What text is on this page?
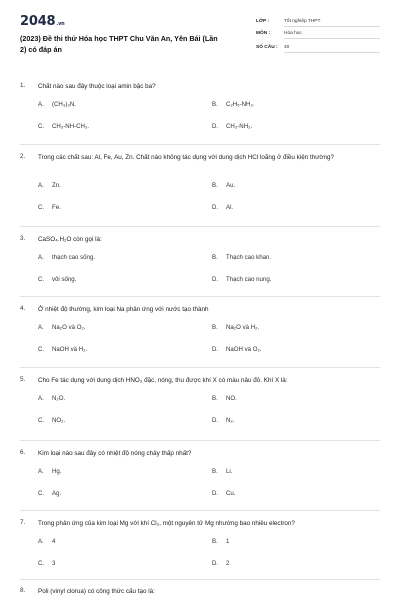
2048.vn
(2023) Đề thi thử Hóa học THPT Chu Văn An, Yên Bái (Lần 2) có đáp án
LỚP :	Tốt nghiệp THPT
MÔN :	Hóa học
SỐ CÂU : 40
1. Chất nào sau đây thuộc loại amin bậc ba?
A. (CH₃)₃N.	B. C₂H₅-NH₂.
C. CH₃-NH-CH₃.	D. CH₃-NH₂.
2. Trong các chất sau: Al, Fe, Au, Zn. Chất nào không tác dụng với dung dịch HCl loãng ở điều kiện thường?
A. Zn.	B. Au.
C. Fe.	D. Al.
3. CaSO₄.H₂O còn gọi là:
A. thạch cao sống.	B. Thạch cao khan.
C. vôi sống.	D. Thạch cao nung.
4. Ở nhiệt độ thường, kim loại Na phản ứng với nước tạo thành
A. Na₂O và O₂.	B. Na₂O và H₂.
C. NaOH và H₂.	D. NaOH và O₂.
5. Cho Fe tác dụng với dung dịch HNO₃ đặc, nóng, thu được khí X có màu nâu đỏ. Khí X là:
A. N₂O.	B. NO.
C. NO₂.	D. N₂.
6. Kim loại nào sau đây có nhiệt độ nóng chảy thấp nhất?
A. Hg.	B. Li.
C. Ag.	D. Cu.
7. Trong phản ứng của kim loại Mg với khí Cl₂, một nguyên tử Mg nhường bao nhiêu electron?
A. 4	B. 1
C. 3	D. 2
8. Poli (vinyl clorua) có công thức cấu tạo là:
